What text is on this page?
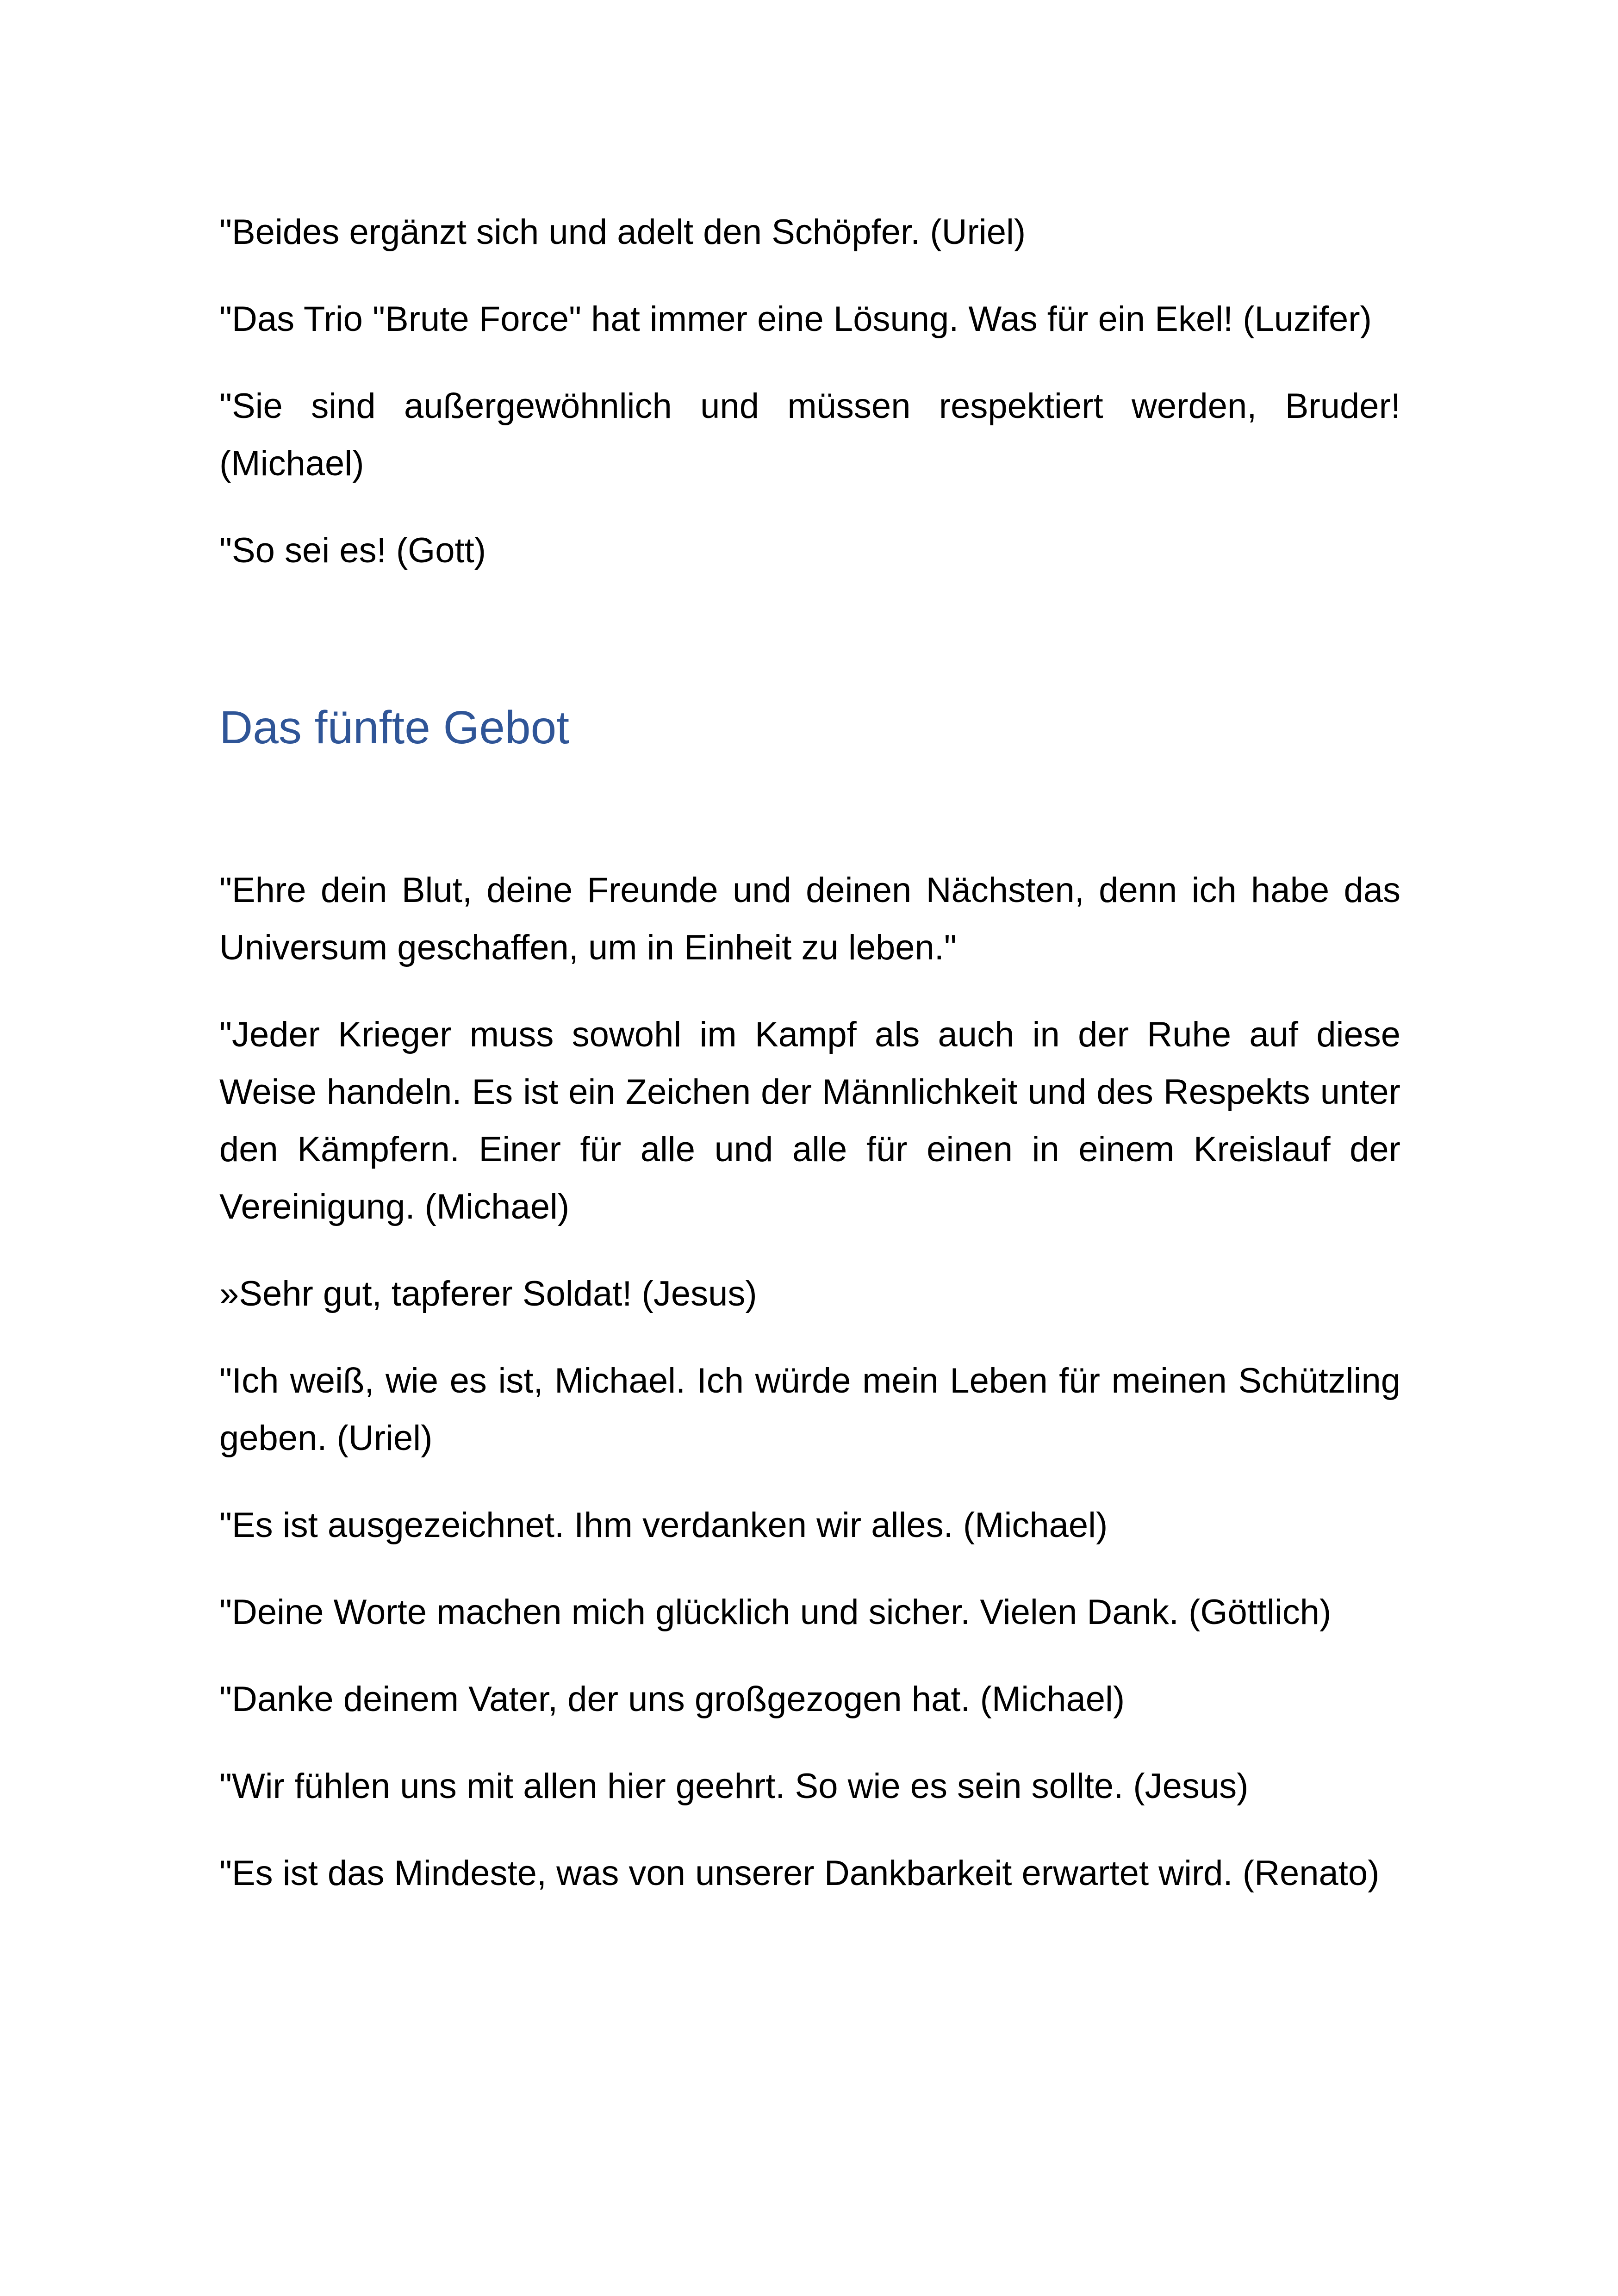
"Beides ergänzt sich und adelt den Schöpfer. (Uriel)

"Das Trio "Brute Force" hat immer eine Lösung. Was für ein Ekel! (Luzifer)

"Sie sind außergewöhnlich und müssen respektiert werden, Bruder! (Michael)

"So sei es! (Gott)

Das fünfte Gebot

"Ehre dein Blut, deine Freunde und deinen Nächsten, denn ich habe das Universum geschaffen, um in Einheit zu leben."

"Jeder Krieger muss sowohl im Kampf als auch in der Ruhe auf diese Weise handeln. Es ist ein Zeichen der Männlichkeit und des Respekts unter den Kämpfern. Einer für alle und alle für einen in einem Kreislauf der Vereinigung. (Michael)

»Sehr gut, tapferer Soldat! (Jesus)

"Ich weiß, wie es ist, Michael. Ich würde mein Leben für meinen Schützling geben. (Uriel)

"Es ist ausgezeichnet. Ihm verdanken wir alles. (Michael)

"Deine Worte machen mich glücklich und sicher. Vielen Dank. (Göttlich)

"Danke deinem Vater, der uns großgezogen hat. (Michael)

"Wir fühlen uns mit allen hier geehrt. So wie es sein sollte. (Jesus)

"Es ist das Mindeste, was von unserer Dankbarkeit erwartet wird. (Renato)
